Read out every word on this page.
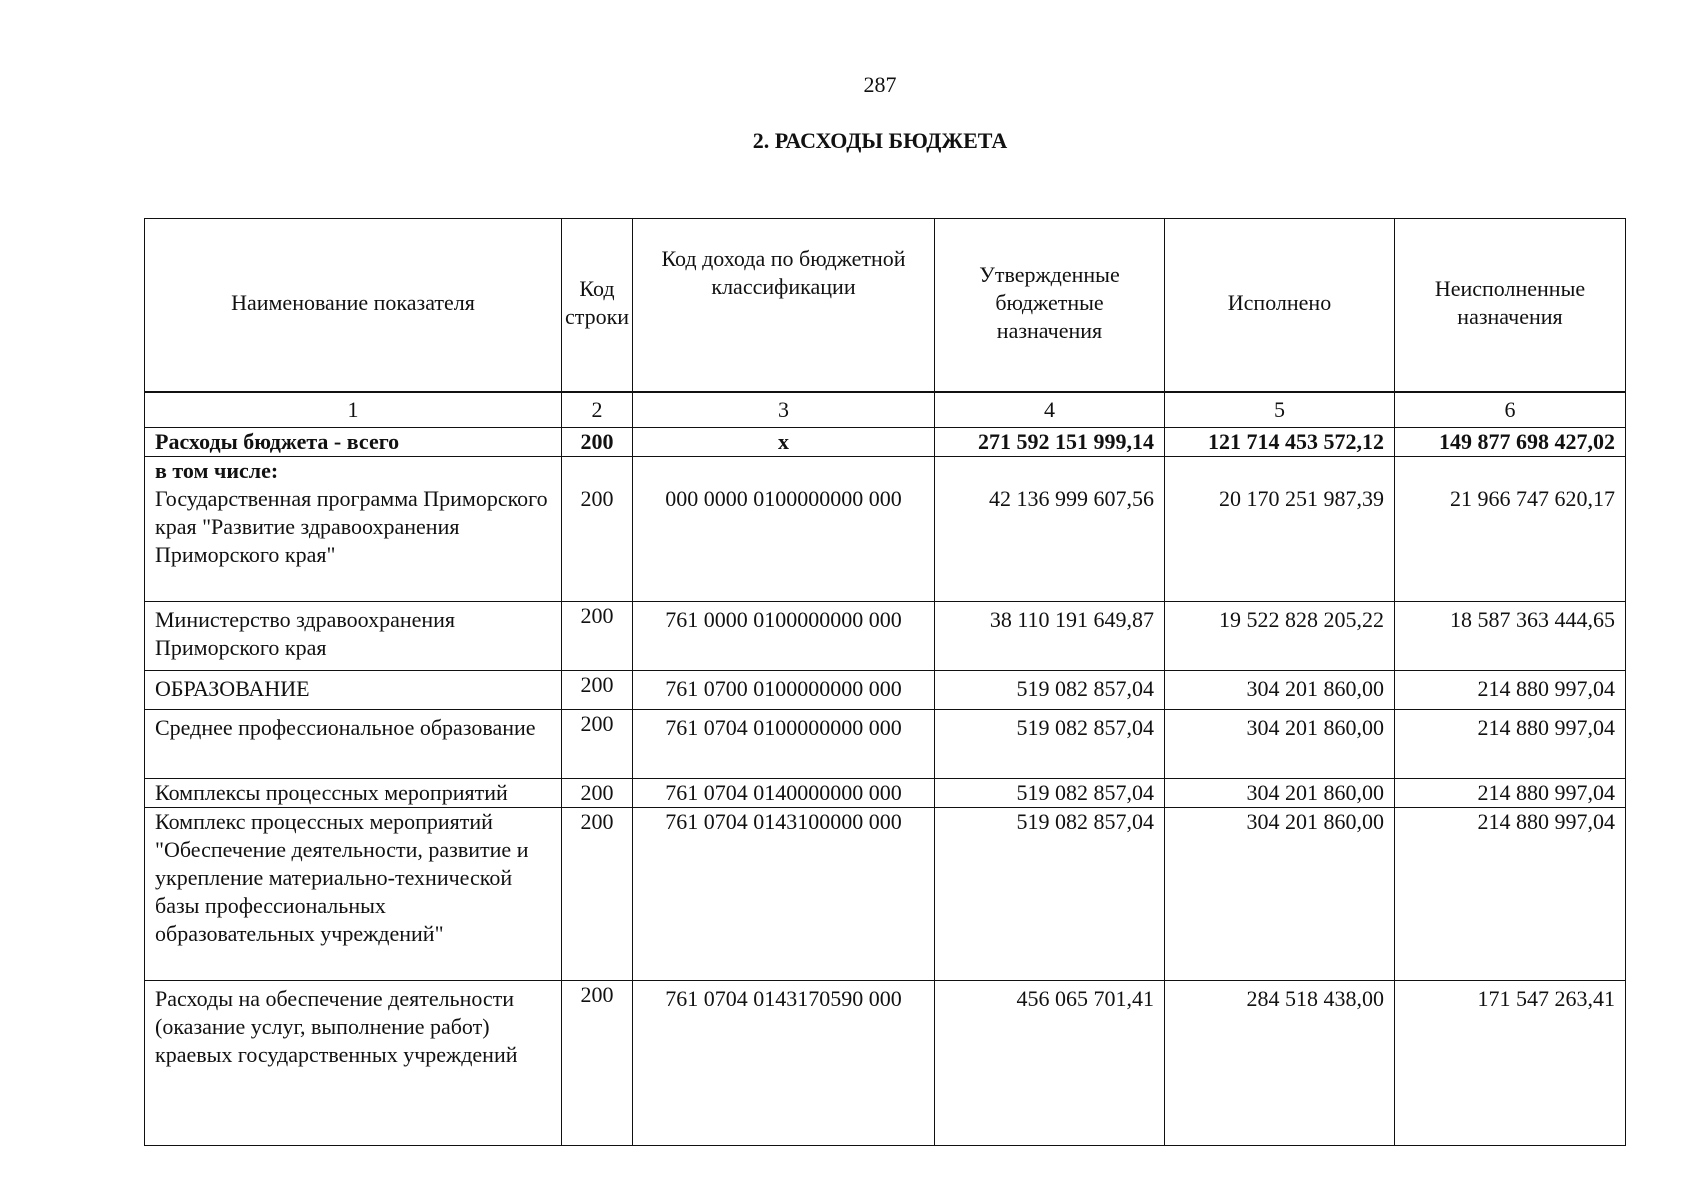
287
2. РАСХОДЫ БЮДЖЕТА
Наименование показателя	Код строки	Код дохода по бюджетной классификации	Утвержденные бюджетные назначения	Исполнено	Неисполненные назначения

1	2	3	4	5	6
Расходы бюджета - всего	200	х	271 592 151 999,14	121 714 453 572,12	149 877 698 427,02

в том числе:
Государственная программа Приморского края "Развитие здравоохранения Приморского края"	200	000 0000 0100000000 000	42 136 999 607,56	20 170 251 987,39	21 966 747 620,17
Министерство здравоохранения Приморского края	200	761 0000 0100000000 000	38 110 191 649,87	19 522 828 205,22	18 587 363 444,65
ОБРАЗОВАНИЕ	200	761 0700 0100000000 000	519 082 857,04	304 201 860,00	214 880 997,04
Среднее профессиональное образование	200	761 0704 0100000000 000	519 082 857,04	304 201 860,00	214 880 997,04
Комплексы процессных мероприятий	200	761 0704 0140000000 000	519 082 857,04	304 201 860,00	214 880 997,04
Комплекс процессных мероприятий "Обеспечение деятельности, развитие и укрепление материально-технической базы профессиональных образовательных учреждений"	200	761 0704 0143100000 000	519 082 857,04	304 201 860,00	214 880 997,04
Расходы на обеспечение деятельности (оказание услуг, выполнение работ) краевых государственных учреждений	200	761 0704 0143170590 000	456 065 701,41	284 518 438,00	171 547 263,41
